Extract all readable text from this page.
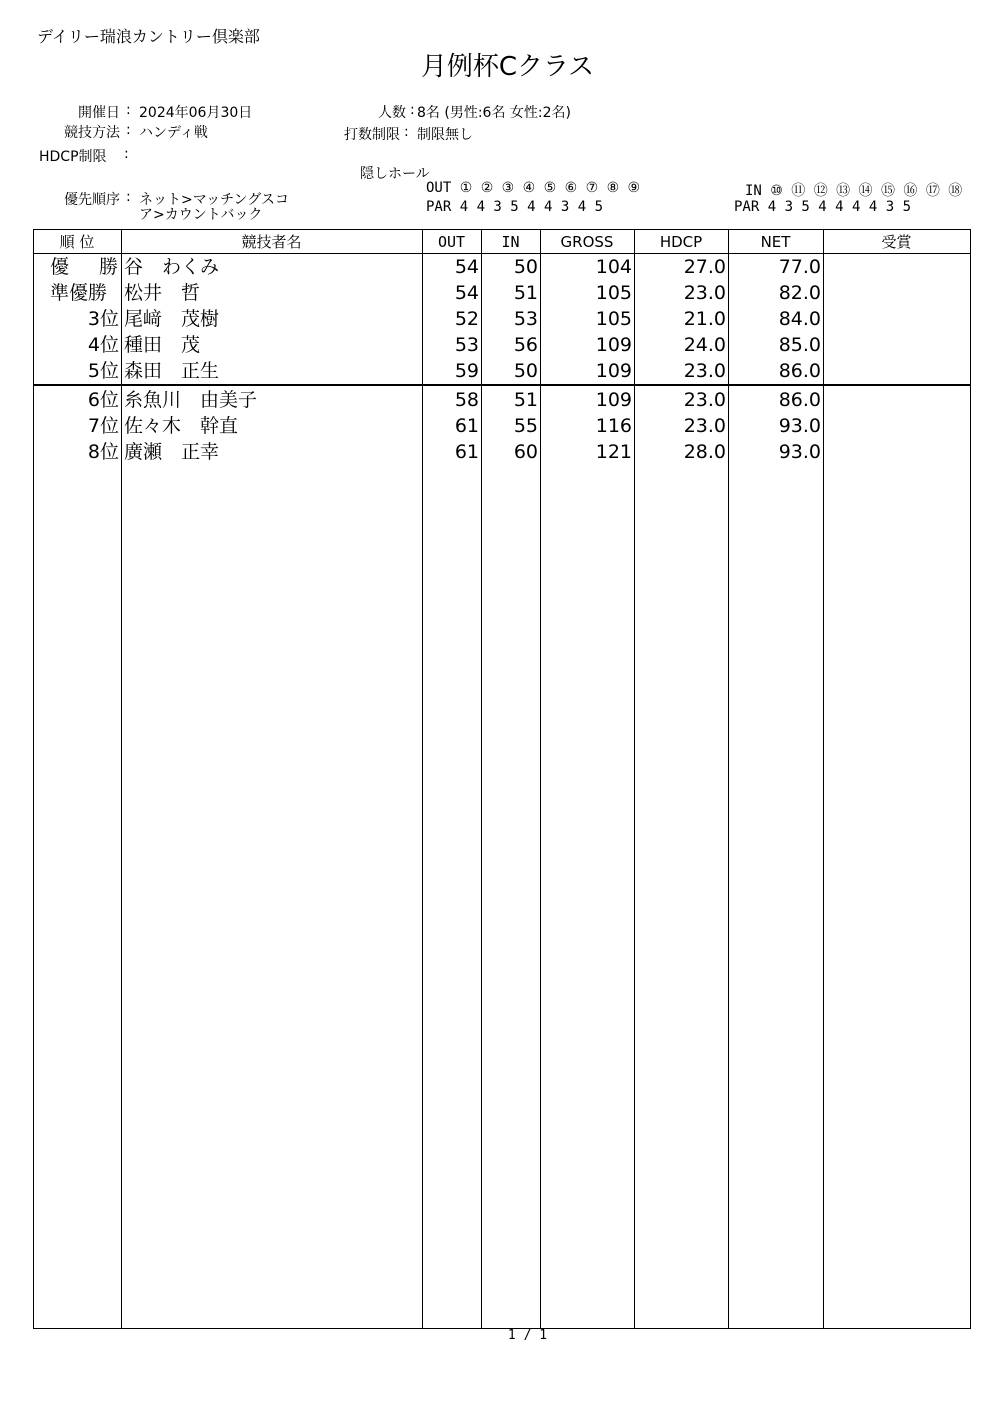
デイリー瑞浪カントリー倶楽部
月例杯Cクラス
開催日 : 2024年06月30日
競技方法 : ハンディ戦
HDCP制限 :
優先順序 : ネット>マッチングスコ
ア>カウントバック
人数 : 8名 (男性:6名 女性:2名)
打数制限 : 制限無し
隠しホール
OUT ① ② ③ ④ ⑤ ⑥ ⑦ ⑧ ⑨
PAR 4 4 3 5 4 4 3 4 5
IN ⑩ ⑪ ⑫ ⑬ ⑭ ⑮ ⑯ ⑰ ⑱
PAR 4 3 5 4 4 4 4 3 5
順 位	競技者名	OUT	IN	GROSS	HDCP	NET	受賞
優　勝 谷　わくみ	54	50	104	27.0	77.0
準優勝 松井　哲	54	51	105	23.0	82.0
3位 尾﨑　茂樹	52	53	105	21.0	84.0
4位 種田　茂	53	56	109	24.0	85.0
5位 森田　正生	59	50	109	23.0	86.0
6位 糸魚川　由美子	58	51	109	23.0	86.0
7位 佐々木　幹直	61	55	116	23.0	93.0
8位 廣瀬　正幸	61	60	121	28.0	93.0
1 / 1
